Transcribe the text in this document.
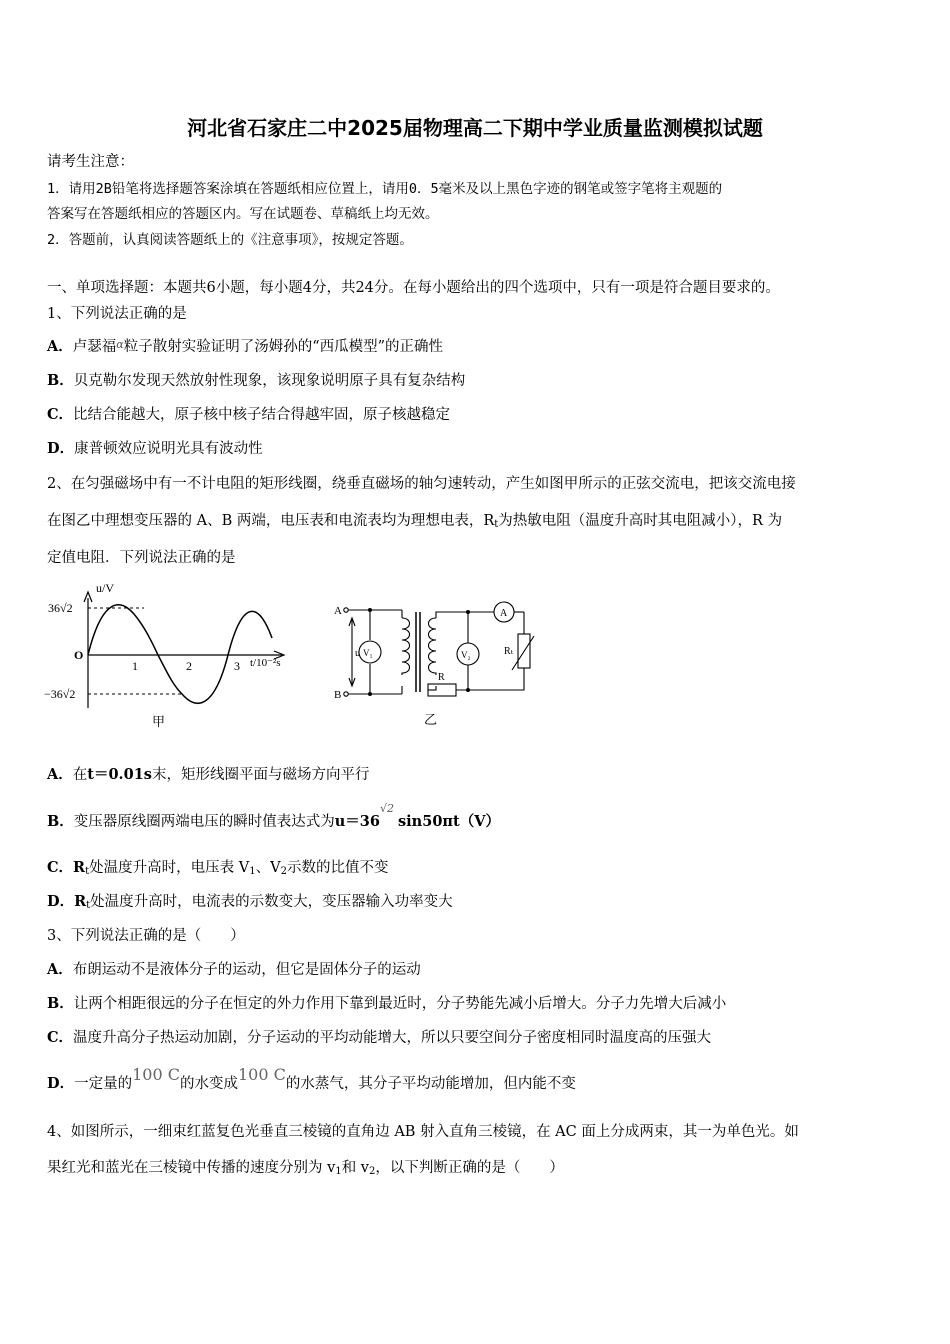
河北省石家庄二中2025届物理高二下期中学业质量监测模拟试题
请考生注意：
1．请用2B铅笔将选择题答案涂填在答题纸相应位置上，请用0．5毫米及以上黑色字迹的钢笔或签字笔将主观题的
答案写在答题纸相应的答题区内。写在试题卷、草稿纸上均无效。
2．答题前，认真阅读答题纸上的《注意事项》，按规定答题。
一、单项选择题：本题共6小题，每小题4分，共24分。在每小题给出的四个选项中，只有一项是符合题目要求的。
1、下列说法正确的是
A．卢瑟福$^\alpha$粒子散射实验证明了汤姆孙的“西瓜模型”的正确性
B．贝克勒尔发现天然放射性现象，该现象说明原子具有复杂结构
C．比结合能越大，原子核中核子结合得越牢固，原子核越稳定
D．康普顿效应说明光具有波动性
2、在匀强磁场中有一不计电阻的矩形线圈，绕垂直磁场的轴匀速转动，产生如图甲所示的正弦交流电，把该交流电接
在图乙中理想变压器的 A、B 两端，电压表和电流表均为理想电表，$R_t$为热敏电阻（温度升高时其电阻减小），R 为
定值电阻．下列说法正确的是
u/V
36√2
−36√2
O
1	2	3 t/10⁻²s
甲
A
B
u V₁	V₂
A
Rₜ
R
乙
A．在t＝0.01s末，矩形线圈平面与磁场方向平行
B．变压器原线圈两端电压的瞬时值表达式为$u=36^{√2}\sin 50\pi t(V)$
C．$R_t$处温度升高时，电压表 $V_1$、$V_2$示数的比值不变
D．$R_t$处温度升高时，电流表的示数变大，变压器输入功率变大
3、下列说法正确的是（　　）
A．布朗运动不是液体分子的运动，但它是固体分子的运动
B．让两个相距很远的分子在恒定的外力作用下靠到最近时，分子势能先减小后增大。分子力先增大后减小
C．温度升高分子热运动加剧，分子运动的平均动能增大，所以只要空间分子密度相同时温度高的压强大
D．一定量的100 C的水变成100 C的水蒸气，其分子平均动能增加，但内能不变
4、如图所示，一细束红蓝复色光垂直三棱镜的直角边 AB 射入直角三棱镜，在 AC 面上分成两束，其一为单色光。如
果红光和蓝光在三棱镜中传播的速度分别为 $v_1$和 $v_2$，以下判断正确的是（　　）
